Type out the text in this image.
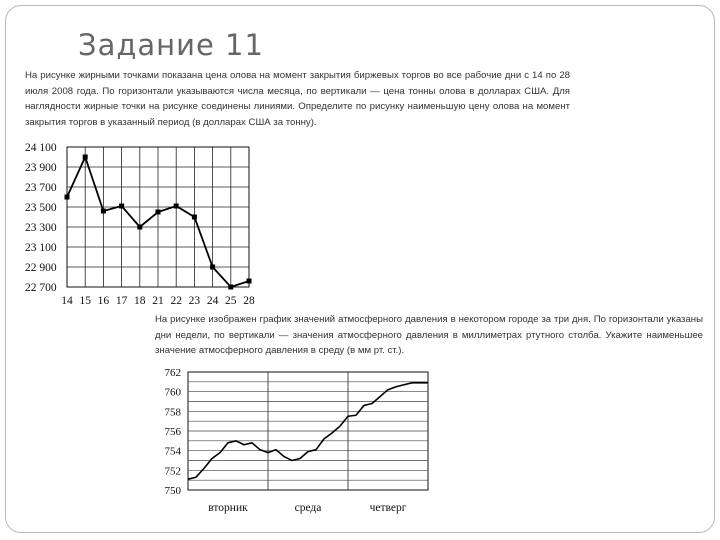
Задание 11
На рисунке жирными точками показана цена олова на момент закрытия биржевых торгов во все рабочие дни с 14 по 28 июля 2008 года. По горизонтали указываются числа месяца, по вертикали — цена тонны олова в долларах США. Для наглядности жирные точки на рисунке соединены линиями. Определите по рисунку наименьшую цену олова на момент закрытия торгов в указанный период (в долларах США за тонну).
22 700
22 900
23 100
23 300
23 500
23 700
23 900
24 100
14 15 16 17 18 21 22 23 24 25 28
На рисунке изображен график значений атмосферного давления в некотором городе за три дня. По горизонтали указаны дни недели, по вертикали — значения атмосферного давления в миллиметрах ртутного столба. Укажите наименьшее значение атмосферного давления в среду (в мм рт. ст.).
750
752
754
756
758
760
762
вторник	среда	четверг
